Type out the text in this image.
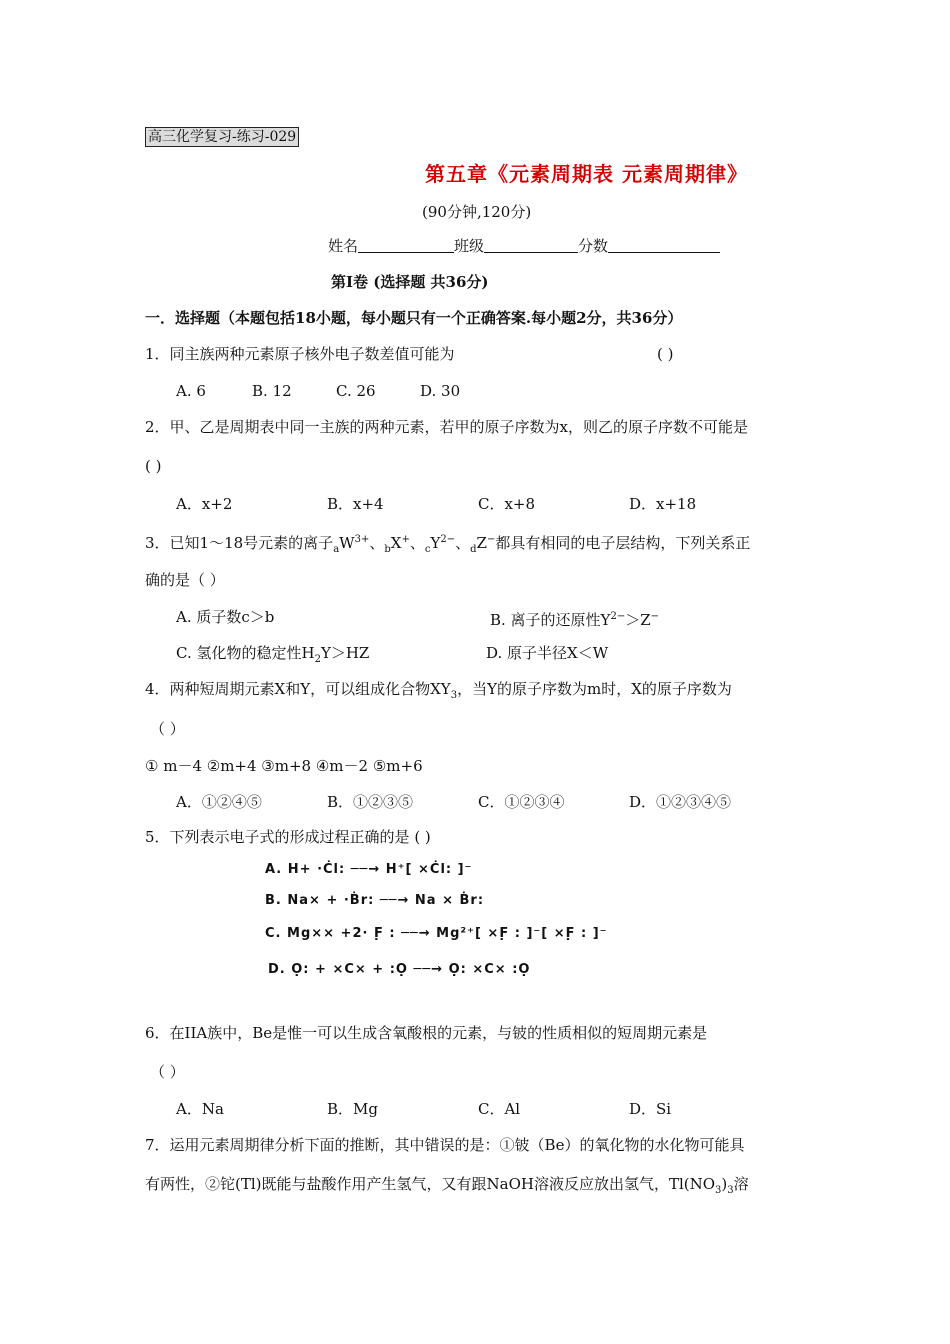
高三化学复习-练习-029
第五章《元素周期表 元素周期律》
(90分钟,120分)
姓名	班级	分数
第Ⅰ卷 (选择题 共36分)
一．选择题（本题包括18小题，每小题只有一个正确答案.每小题2分，共36分）
1．同主族两种元素原子核外电子数差值可能为	( )
A. 6	B. 12	C. 26	D. 30
2．甲、乙是周期表中同一主族的两种元素，若甲的原子序数为x，则乙的原子序数不可能是
( )
A．x+2	B．x+4	C．x+8	D．x+18
3．已知1～18号元素的离子$_aW^{3+}$、$_b$X+、$_cY^{2-}$、$_d$Z−都具有相同的电子层结构，下列关系正
确的是（ ）
A. 质子数c＞b	B. 离子的还原性$Y^{2-}>Z^-$
C. 氢化物的稳定性$H_2Y>HZ$	D. 原子半径X＜W
4．两种短周期元素X和Y，可以组成化合物$XY_3$，当Y的原子序数为m时，X的原子序数为
（ ）
① m－4 ②m+4 ③m+8 ④m－2 ⑤m+6
A．①②④⑤	B．①②③⑤	C．①②③④	D．①②③④⑤
5．下列表示电子式的形成过程正确的是 ( )
A. H+ ·Ċl: ──→ H⁺[ ⨯Ċl: ]⁻
B. Na⨯ + ·Ḃr: ──→ Na ⨯ Ḃr:
C. Mg⨯⨯ +2· F̣ : ──→ Mg²⁺[ ⨯F̣ : ]⁻[ ⨯F̣ : ]⁻
D. Ọ: + ⨯C⨯ + :Ọ ──→ Ọ: ⨯C⨯ :Ọ
6．在IIA族中，Be是惟一可以生成含氧酸根的元素，与铍的性质相似的短周期元素是
（ ）
A．Na	B．Mg	C．Al	D．Si
7．运用元素周期律分析下面的推断，其中错误的是：①铍（Be）的氧化物的水化物可能具
有两性，②铊(Tl)既能与盐酸作用产生氢气，又有跟NaOH溶液反应放出氢气，$Tl(NO_3)_3$溶
